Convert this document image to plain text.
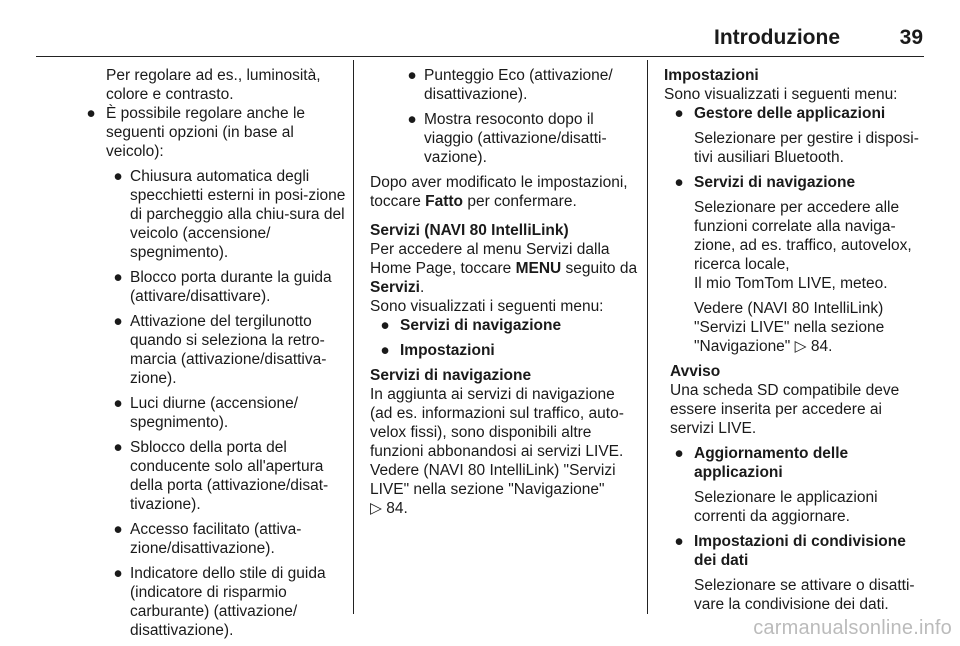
Introduzione	39

Per regolare ad es., luminosità, colore e contrasto.

● È possibile regolare anche le seguenti opzioni (in base al veicolo):
● Chiusura automatica degli specchietti esterni in posi-zione di parcheggio alla chiu-sura del veicolo (accensione/ spegnimento).
● Blocco porta durante la guida (attivare/disattivare).
● Attivazione del tergilunotto quando si seleziona la retro-marcia (attivazione/disattiva-zione).
● Luci diurne (accensione/ spegnimento).
● Sblocco della porta del conducente solo all'apertura della porta (attivazione/disat-tivazione).
● Accesso facilitato (attiva-zione/disattivazione).
● Indicatore dello stile di guida (indicatore di risparmio carburante) (attivazione/ disattivazione).
● Punteggio Eco (attivazione/ disattivazione).
● Mostra resoconto dopo il viaggio (attivazione/disatti-vazione).

Dopo aver modificato le impostazioni, toccare Fatto per confermare.

Servizi (NAVI 80 IntelliLink)

Per accedere al menu Servizi dalla Home Page, toccare MENU seguito da Servizi.

Sono visualizzati i seguenti menu:

● Servizi di navigazione
● Impostazioni

Servizi di navigazione

In aggiunta ai servizi di navigazione (ad es. informazioni sul traffico, auto-velox fissi), sono disponibili altre funzioni abbonandosi ai servizi LIVE.

Vedere (NAVI 80 IntelliLink) "Servizi LIVE" nella sezione "Navigazione"
▷ 84.

Impostazioni

Sono visualizzati i seguenti menu:

● Gestore delle applicazioni

Selezionare per gestire i disposi-tivi ausiliari Bluetooth.

● Servizi di navigazione

Selezionare per accedere alle funzioni correlate alla naviga-zione, ad es. traffico, autovelox, ricerca locale,

Il mio TomTom LIVE, meteo.

Vedere (NAVI 80 IntelliLink) "Servizi LIVE" nella sezione "Navigazione" ▷ 84.

Avviso

Una scheda SD compatibile deve essere inserita per accedere ai servizi LIVE.

● Aggiornamento delle applicazioni

Selezionare le applicazioni correnti da aggiornare.

● Impostazioni di condivisione dei dati

Selezionare se attivare o disatti-vare la condivisione dei dati.

carmanualsonline.info
